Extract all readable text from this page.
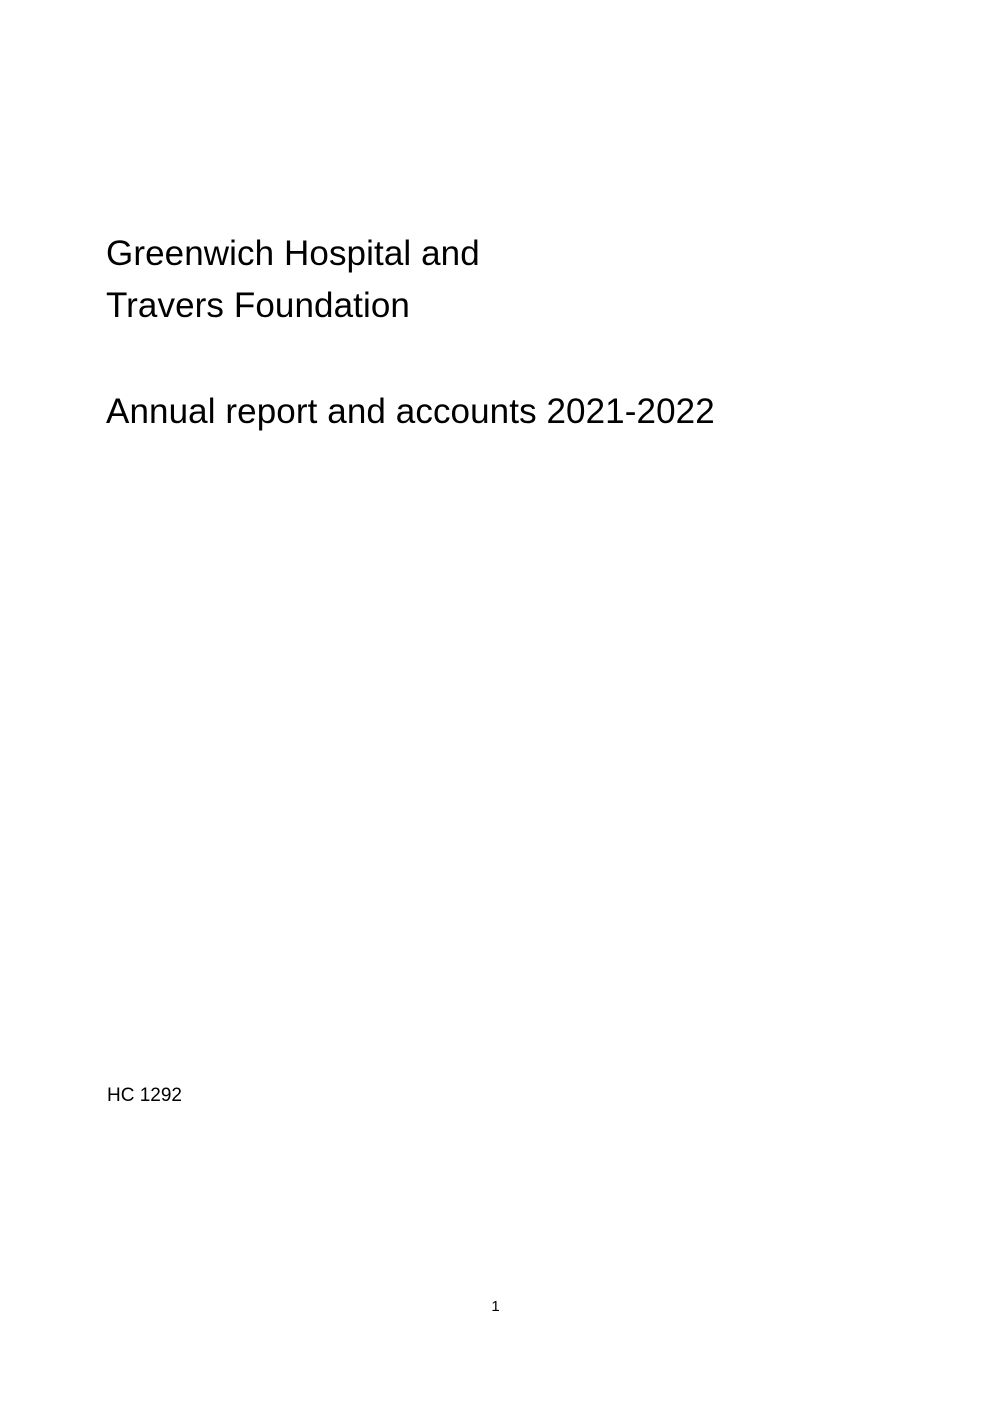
Greenwich Hospital and
Travers Foundation
Annual report and accounts 2021-2022
HC 1292
1
